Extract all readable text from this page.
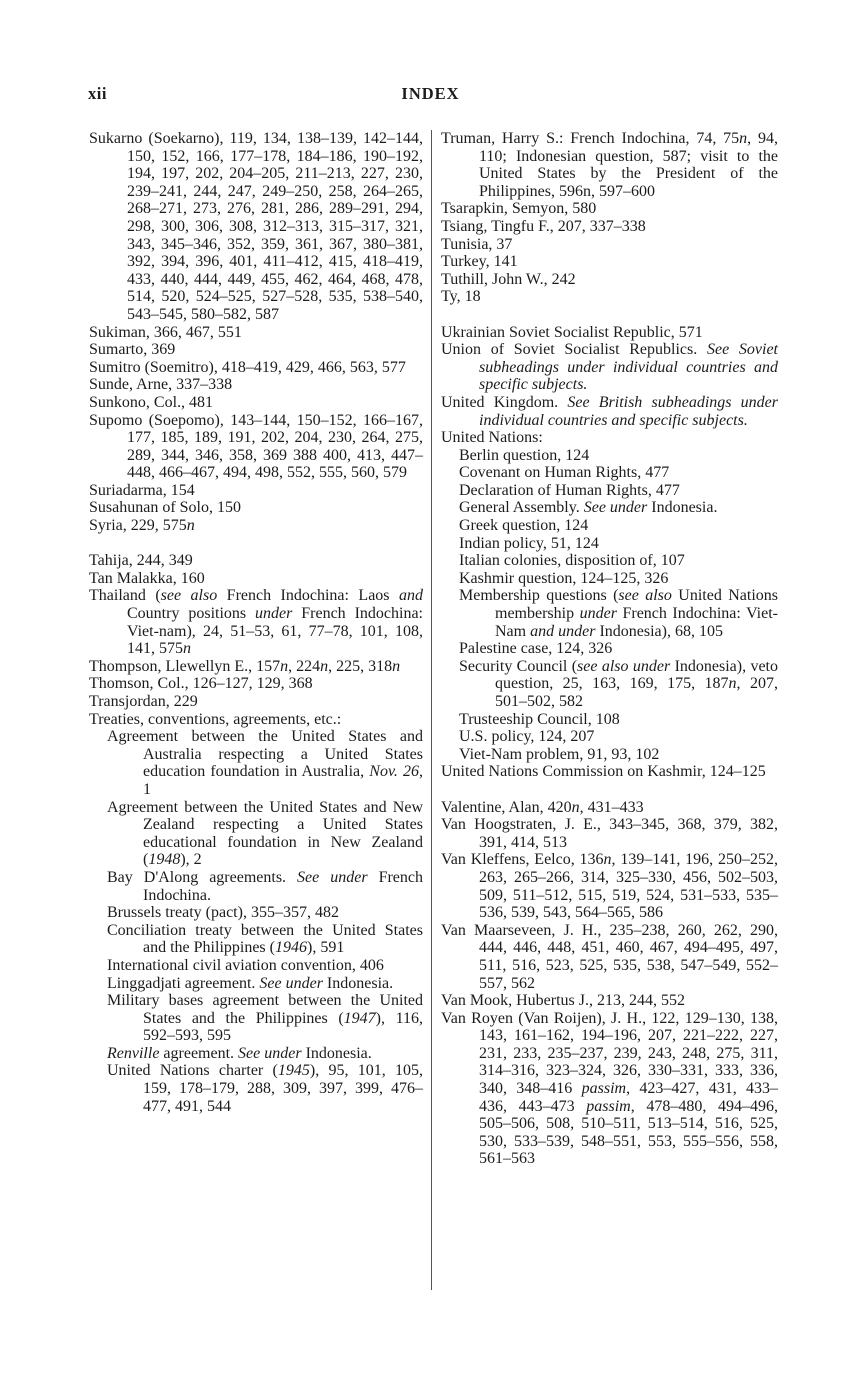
xii	INDEX

Sukarno (Soekarno), 119, 134, 138–139, 142–144, 150, 152, 166, 177–178, 184–186, 190–192, 194, 197, 202, 204–205, 211–213, 227, 230, 239–241, 244, 247, 249–250, 258, 264–265, 268–271, 273, 276, 281, 286, 289–291, 294, 298, 300, 306, 308, 312–313, 315–317, 321, 343, 345–346, 352, 359, 361, 367, 380–381, 392, 394, 396, 401, 411–412, 415, 418–419, 433, 440, 444, 449, 455, 462, 464, 468, 478, 514, 520, 524–525, 527–528, 535, 538–540, 543–545, 580–582, 587

Sukiman, 366, 467, 551

Sumarto, 369

Sumitro (Soemitro), 418–419, 429, 466, 563, 577

Sunde, Arne, 337–338

Sunkono, Col., 481

Supomo (Soepomo), 143–144, 150–152, 166–167, 177, 185, 189, 191, 202, 204, 230, 264, 275, 289, 344, 346, 358, 369 388 400, 413, 447–448, 466–467, 494, 498, 552, 555, 560, 579

Suriadarma, 154

Susahunan of Solo, 150

Syria, 229, 575n

Tahija, 244, 349

Tan Malakka, 160

Thailand (see also French Indochina: Laos and Country positions under French Indochina: Viet-nam), 24, 51–53, 61, 77–78, 101, 108, 141, 575n

Thompson, Llewellyn E., 157n, 224n, 225, 318n

Thomson, Col., 126–127, 129, 368

Transjordan, 229

Treaties, conventions, agreements, etc.:

Agreement between the United States and Australia respecting a United States education foundation in Australia, Nov. 26, 1

Agreement between the United States and New Zealand respecting a United States educational foundation in New Zealand (1948), 2

Bay D'Along agreements. See under French Indochina.

Brussels treaty (pact), 355–357, 482

Conciliation treaty between the United States and the Philippines (1946), 591

International civil aviation convention, 406

Linggadjati agreement. See under Indonesia.

Military bases agreement between the United States and the Philippines (1947), 116, 592–593, 595

Renville agreement. See under Indonesia.

United Nations charter (1945), 95, 101, 105, 159, 178–179, 288, 309, 397, 399, 476–477, 491, 544

Truman, Harry S.: French Indochina, 74, 75n, 94, 110; Indonesian question, 587; visit to the United States by the President of the Philippines, 596n, 597–600

Tsarapkin, Semyon, 580

Tsiang, Tingfu F., 207, 337–338

Tunisia, 37

Turkey, 141

Tuthill, John W., 242

Ty, 18

Ukrainian Soviet Socialist Republic, 571

Union of Soviet Socialist Republics. See Soviet subheadings under individual countries and specific subjects.

United Kingdom. See British subheadings under individual countries and specific subjects.

United Nations:

Berlin question, 124

Covenant on Human Rights, 477

Declaration of Human Rights, 477

General Assembly. See under Indonesia.

Greek question, 124

Indian policy, 51, 124

Italian colonies, disposition of, 107

Kashmir question, 124–125, 326

Membership questions (see also United Nations membership under French Indochina: Viet-Nam and under Indonesia), 68, 105

Palestine case, 124, 326

Security Council (see also under Indonesia), veto question, 25, 163, 169, 175, 187n, 207, 501–502, 582

Trusteeship Council, 108

U.S. policy, 124, 207

Viet-Nam problem, 91, 93, 102

United Nations Commission on Kashmir, 124–125

Valentine, Alan, 420n, 431–433

Van Hoogstraten, J. E., 343–345, 368, 379, 382, 391, 414, 513

Van Kleffens, Eelco, 136n, 139–141, 196, 250–252, 263, 265–266, 314, 325–330, 456, 502–503, 509, 511–512, 515, 519, 524, 531–533, 535–536, 539, 543, 564–565, 586

Van Maarseveen, J. H., 235–238, 260, 262, 290, 444, 446, 448, 451, 460, 467, 494–495, 497, 511, 516, 523, 525, 535, 538, 547–549, 552–557, 562

Van Mook, Hubertus J., 213, 244, 552

Van Royen (Van Roijen), J. H., 122, 129–130, 138, 143, 161–162, 194–196, 207, 221–222, 227, 231, 233, 235–237, 239, 243, 248, 275, 311, 314–316, 323–324, 326, 330–331, 333, 336, 340, 348–416 passim, 423–427, 431, 433–436, 443–473 passim, 478–480, 494–496, 505–506, 508, 510–511, 513–514, 516, 525, 530, 533–539, 548–551, 553, 555–556, 558, 561–563
